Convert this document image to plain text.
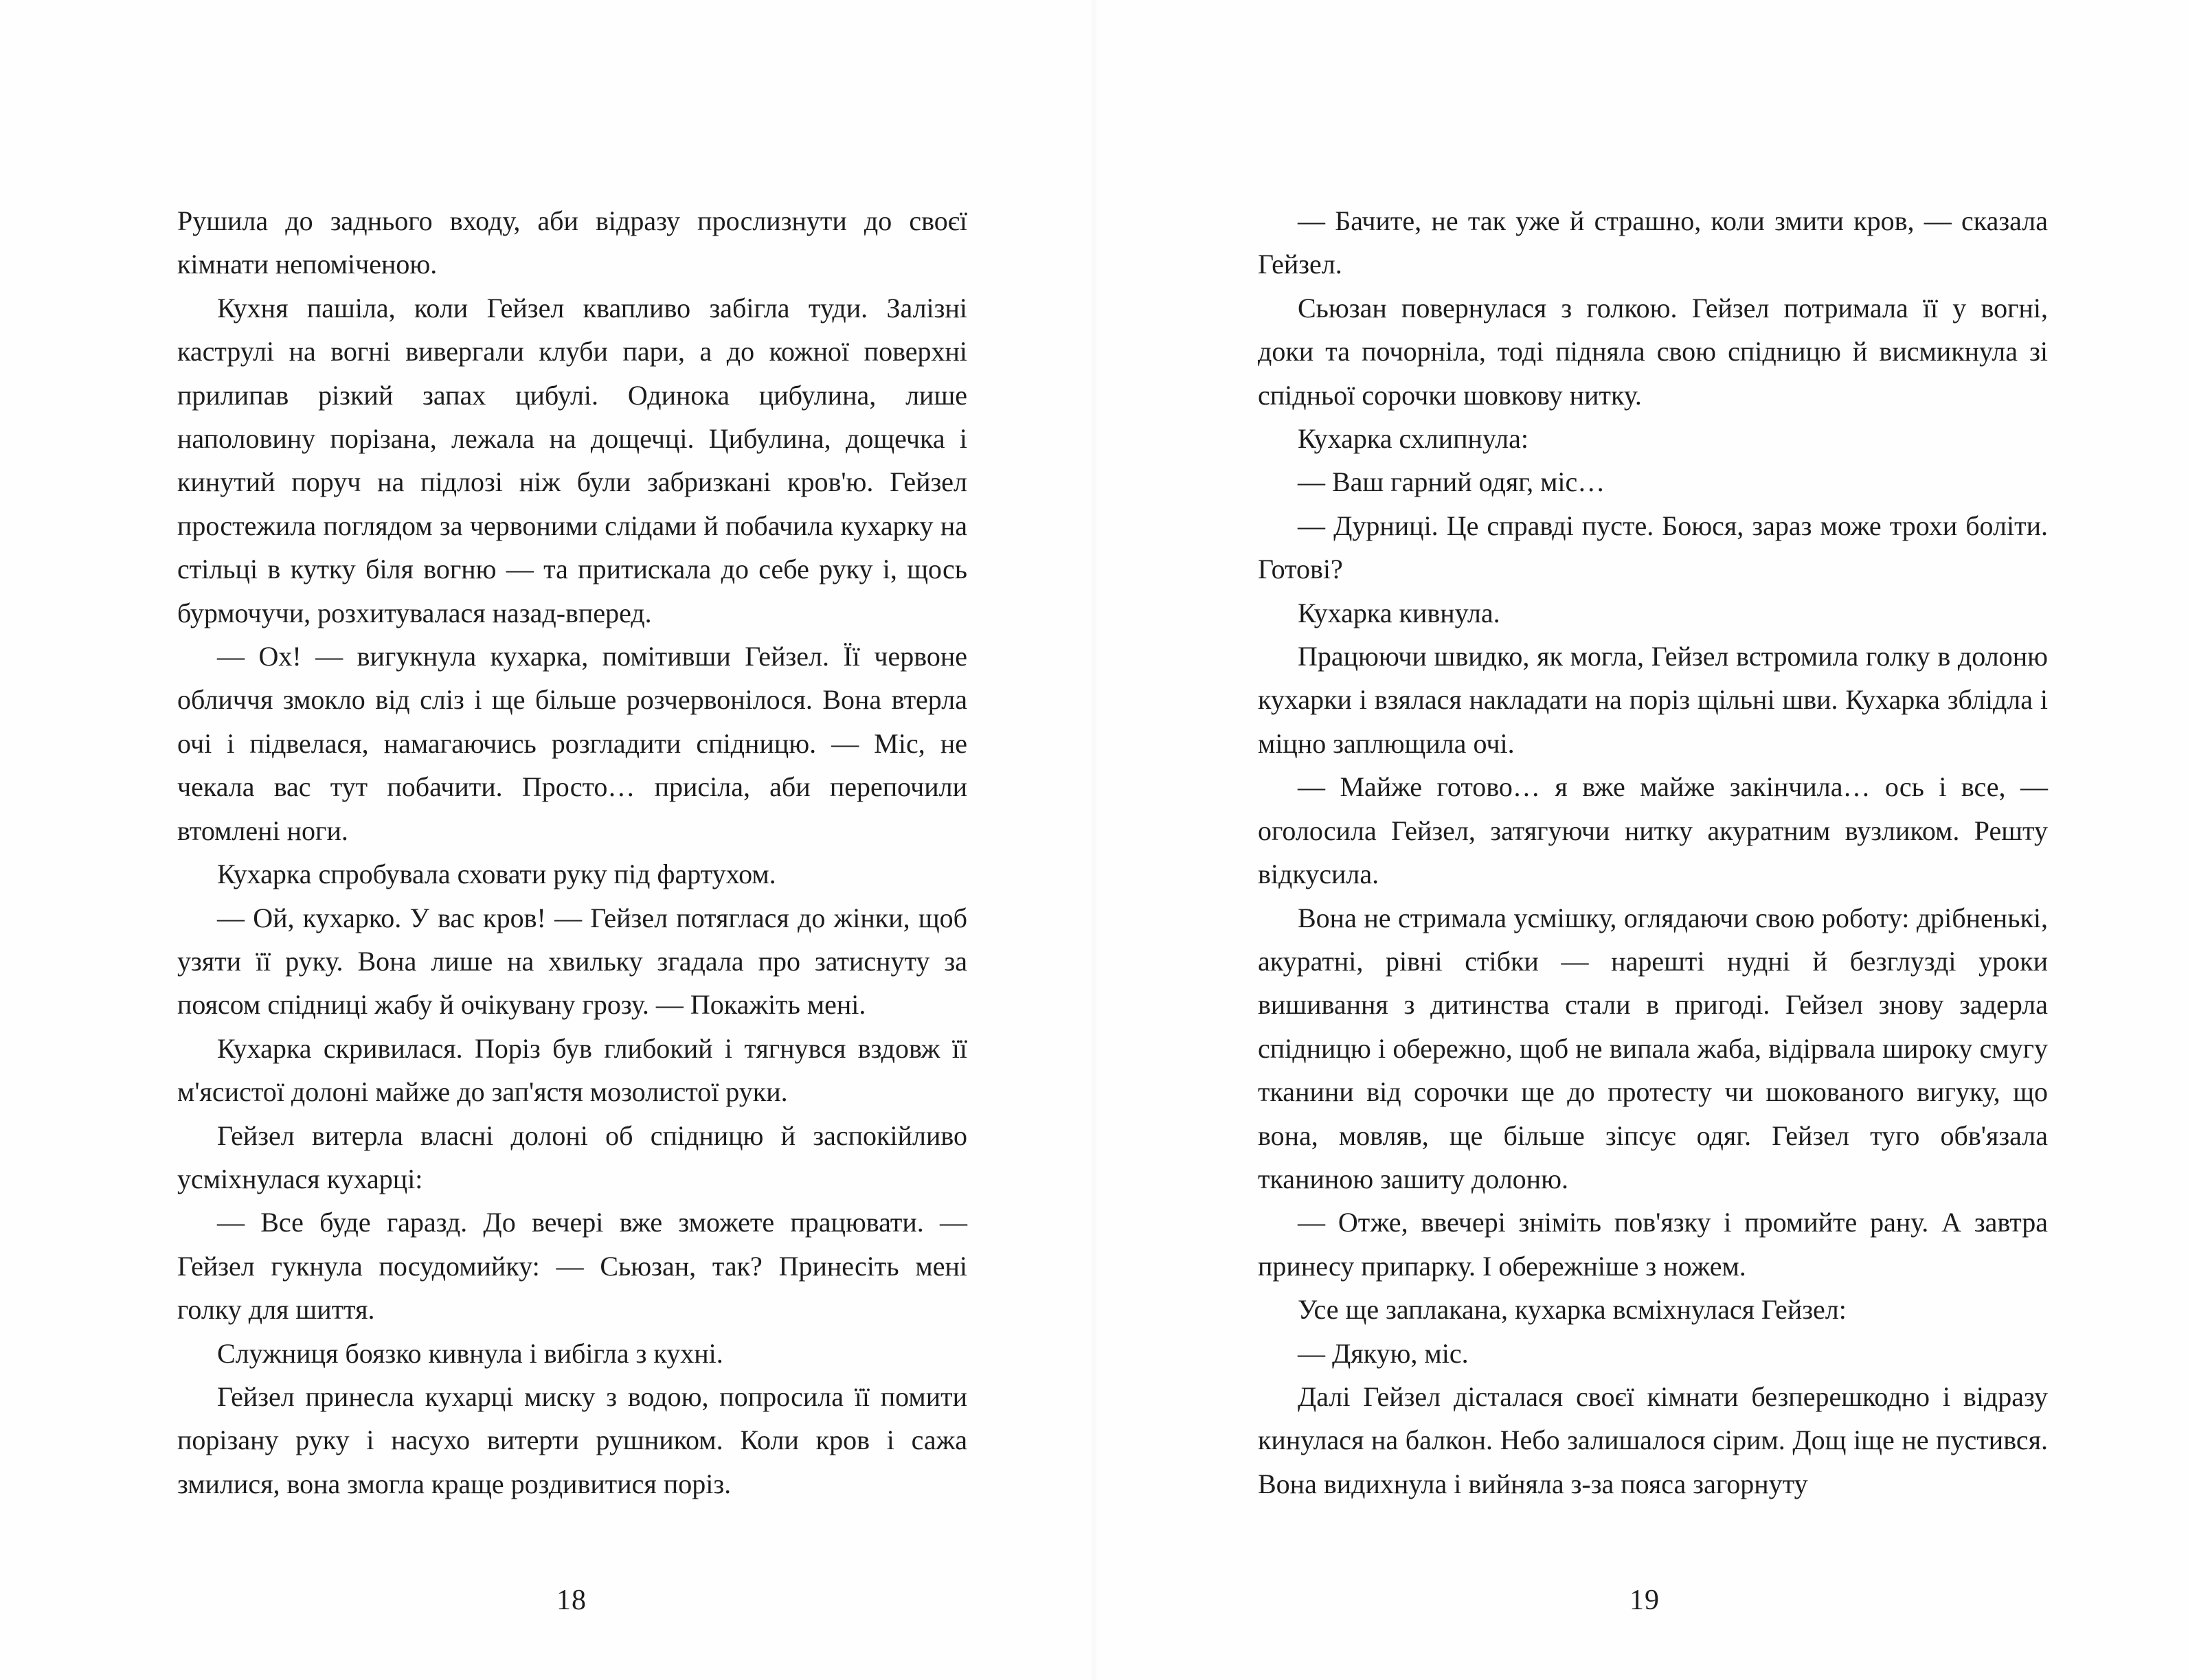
Рушила до заднього входу, аби відразу прослизнути до своєї кімнати непоміченою.

Кухня пашіла, коли Гейзел квапливо забігла туди. Залізні каструлі на вогні вивергали клуби пари, а до кожної поверхні прилипав різкий запах цибулі. Одинока цибулина, лише наполовину порізана, лежала на дощечці. Цибулина, дощечка і кинутий поруч на підлозі ніж були забризкані кров'ю. Гейзел простежила поглядом за червоними слідами й побачила кухарку на стільці в кутку біля вогню — та притискала до себе руку і, щось бурмочучи, розхитувалася назад-вперед.

— Ох! — вигукнула кухарка, помітивши Гейзел. Її червоне обличчя змокло від сліз і ще більше розчервонілося. Вона втерла очі і підвелася, намагаючись розгладити спідницю. — Міс, не чекала вас тут побачити. Просто… присіла, аби перепочили втомлені ноги.

Кухарка спробувала сховати руку під фартухом.

— Ой, кухарко. У вас кров! — Гейзел потяглася до жінки, щоб узяти її руку. Вона лише на хвильку згадала про затиснуту за поясом спідниці жабу й очікувану грозу. — Покажіть мені.

Кухарка скривилася. Поріз був глибокий і тягнувся вздовж її м'ясистої долоні майже до зап'ястя мозолистої руки.

Гейзел витерла власні долоні об спідницю й заспокійливо усміхнулася кухарці:

— Все буде гаразд. До вечері вже зможете працювати. — Гейзел гукнула посудомийку: — Сьюзан, так? Принесіть мені голку для шиття.

Служниця боязко кивнула і вибігла з кухні.

Гейзел принесла кухарці миску з водою, попросила її помити порізану руку і насухо витерти рушником. Коли кров і сажа змилися, вона змогла краще роздивитися поріз.

18

— Бачите, не так уже й страшно, коли змити кров, — сказала Гейзел.

Сьюзан повернулася з голкою. Гейзел потримала її у вогні, доки та почорніла, тоді підняла свою спідницю й висмикнула зі спідньої сорочки шовкову нитку.

Кухарка схлипнула:

— Ваш гарний одяг, міс…

— Дурниці. Це справді пусте. Боюся, зараз може трохи боліти. Готові?

Кухарка кивнула.

Працюючи швидко, як могла, Гейзел встромила голку в долоню кухарки і взялася накладати на поріз щільні шви. Кухарка зблідла і міцно заплющила очі.

— Майже готово… я вже майже закінчила… ось і все, — оголосила Гейзел, затягуючи нитку акуратним вузликом. Решту відкусила.

Вона не стримала усмішку, оглядаючи свою роботу: дрібненькі, акуратні, рівні стібки — нарешті нудні й безглузді уроки вишивання з дитинства стали в пригоді. Гейзел знову задерла спідницю і обережно, щоб не випала жаба, відірвала широку смугу тканини від сорочки ще до протесту чи шокованого вигуку, що вона, мовляв, ще більше зіпсує одяг. Гейзел туго обв'язала тканиною зашиту долоню.

— Отже, ввечері зніміть пов'язку і промийте рану. А завтра принесу припарку. І обережніше з ножем.

Усе ще заплакана, кухарка всміхнулася Гейзел:

— Дякую, міс.

Далі Гейзел дісталася своєї кімнати безперешкодно і відразу кинулася на балкон. Небо залишалося сірим. Дощ іще не пустився. Вона видихнула і вийняла з-за пояса загорнуту

19
